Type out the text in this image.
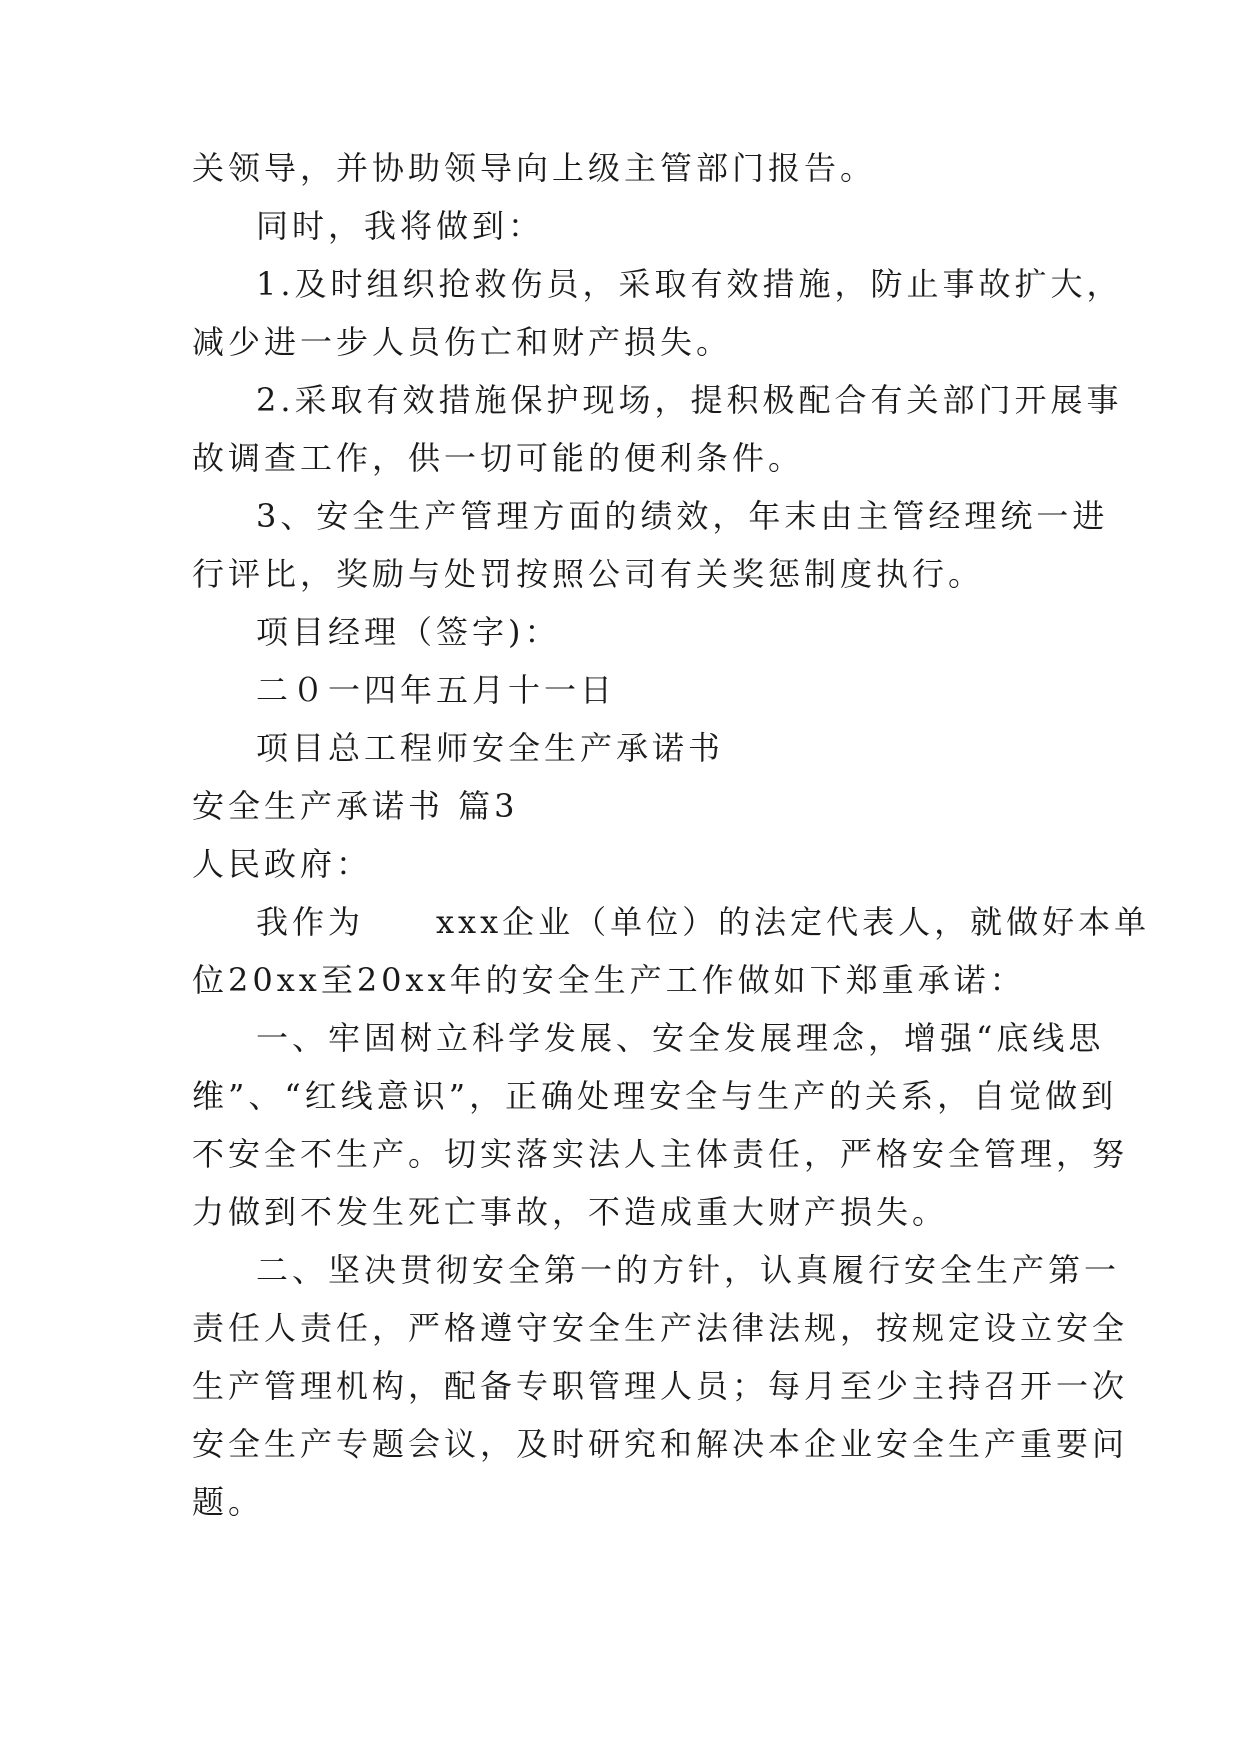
关领导，并协助领导向上级主管部门报告。
同时，我将做到：
1.及时组织抢救伤员，采取有效措施，防止事故扩大，
减少进一步人员伤亡和财产损失。
2.采取有效措施保护现场，提积极配合有关部门开展事
故调查工作，供一切可能的便利条件。
3、安全生产管理方面的绩效，年末由主管经理统一进
行评比，奖励与处罚按照公司有关奖惩制度执行。
项目经理（签字)：
二０一四年五月十一日
项目总工程师安全生产承诺书
安全生产承诺书 篇3
人民政府：
我作为　　xxx企业（单位）的法定代表人，就做好本单
位20xx至20xx年的安全生产工作做如下郑重承诺：
一、牢固树立科学发展、安全发展理念，增强“底线思
维”、“红线意识”，正确处理安全与生产的关系，自觉做到
不安全不生产。切实落实法人主体责任，严格安全管理，努
力做到不发生死亡事故，不造成重大财产损失。
二、坚决贯彻安全第一的方针，认真履行安全生产第一
责任人责任，严格遵守安全生产法律法规，按规定设立安全
生产管理机构，配备专职管理人员；每月至少主持召开一次
安全生产专题会议，及时研究和解决本企业安全生产重要问
题。
